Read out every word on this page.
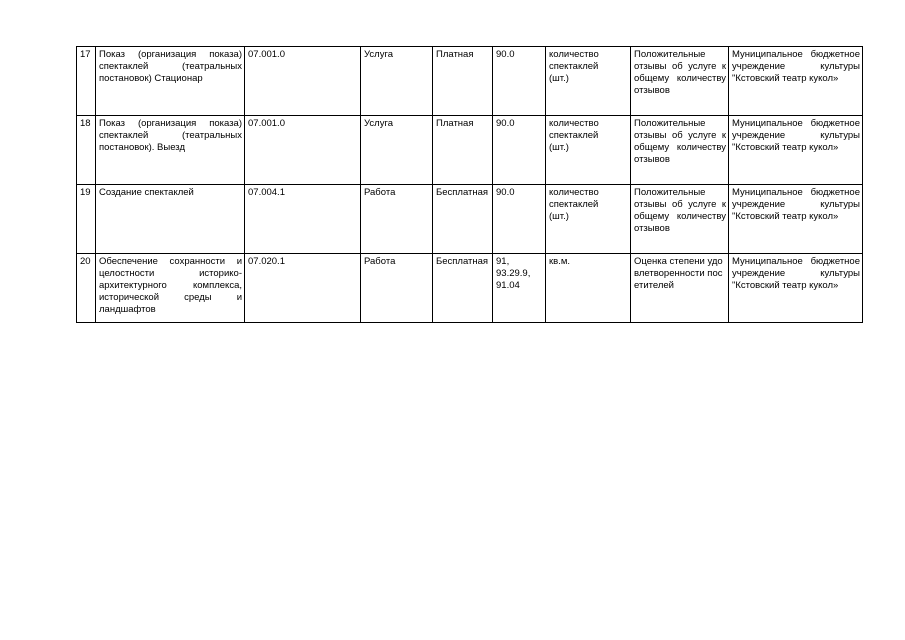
17	Показ (организация показа) спектаклей (театральных постановок) Стационар	07.001.0	Услуга	Платная	90.0	количество
спектаклей
(шт.)	Положительные отзывы об услуге к общему количеству отзывов	Муниципальное бюджетное учреждение культуры "Кстовский театр кукол»

18	Показ (организация показа) спектаклей (театральных постановок). Выезд	07.001.0	Услуга	Платная	90.0	количество
спектаклей
(шт.)	Положительные отзывы об услуге к общему количеству отзывов	Муниципальное бюджетное учреждение культуры "Кстовский театр кукол»

19	Создание спектаклей	07.004.1	Работа	Бесплатная	90.0	количество
спектаклей
(шт.)	Положительные отзывы об услуге к общему количеству отзывов	Муниципальное бюджетное учреждение культуры "Кстовский театр кукол»

20	Обеспечение сохранности и целостности историко-архитектурного комплекса, исторической среды и ландшафтов	07.020.1	Работа	Бесплатная	91,
93.29.9,
91.04	кв.м.	Оценка степени удовлетворенности посетителей	Муниципальное бюджетное учреждение культуры "Кстовский театр кукол»
